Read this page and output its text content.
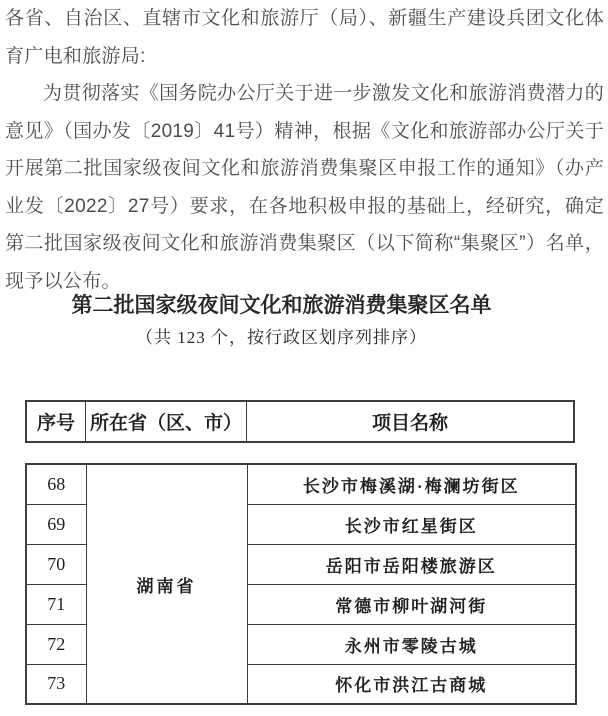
各省、自治区、直辖市文化和旅游厅（局）、新疆生产建设兵团文化体育广电和旅游局:

为贯彻落实《国务院办公厅关于进一步激发文化和旅游消费潜力的意见》（国办发〔2019〕41号）精神，根据《文化和旅游部办公厅关于开展第二批国家级夜间文化和旅游消费集聚区申报工作的通知》（办产业发〔2022〕27号）要求，在各地积极申报的基础上，经研究，确定第二批国家级夜间文化和旅游消费集聚区（以下简称“集聚区”）名单，现予以公布。

第二批国家级夜间文化和旅游消费集聚区名单
（共 123 个，按行政区划序列排序）
序号 所在省（区、市）	项目名称
68	湖南省	长沙市梅溪湖·梅澜坊街区
69		长沙市红星街区
70		岳阳市岳阳楼旅游区
71		常德市柳叶湖河街
72		永州市零陵古城
73		怀化市洪江古商城
